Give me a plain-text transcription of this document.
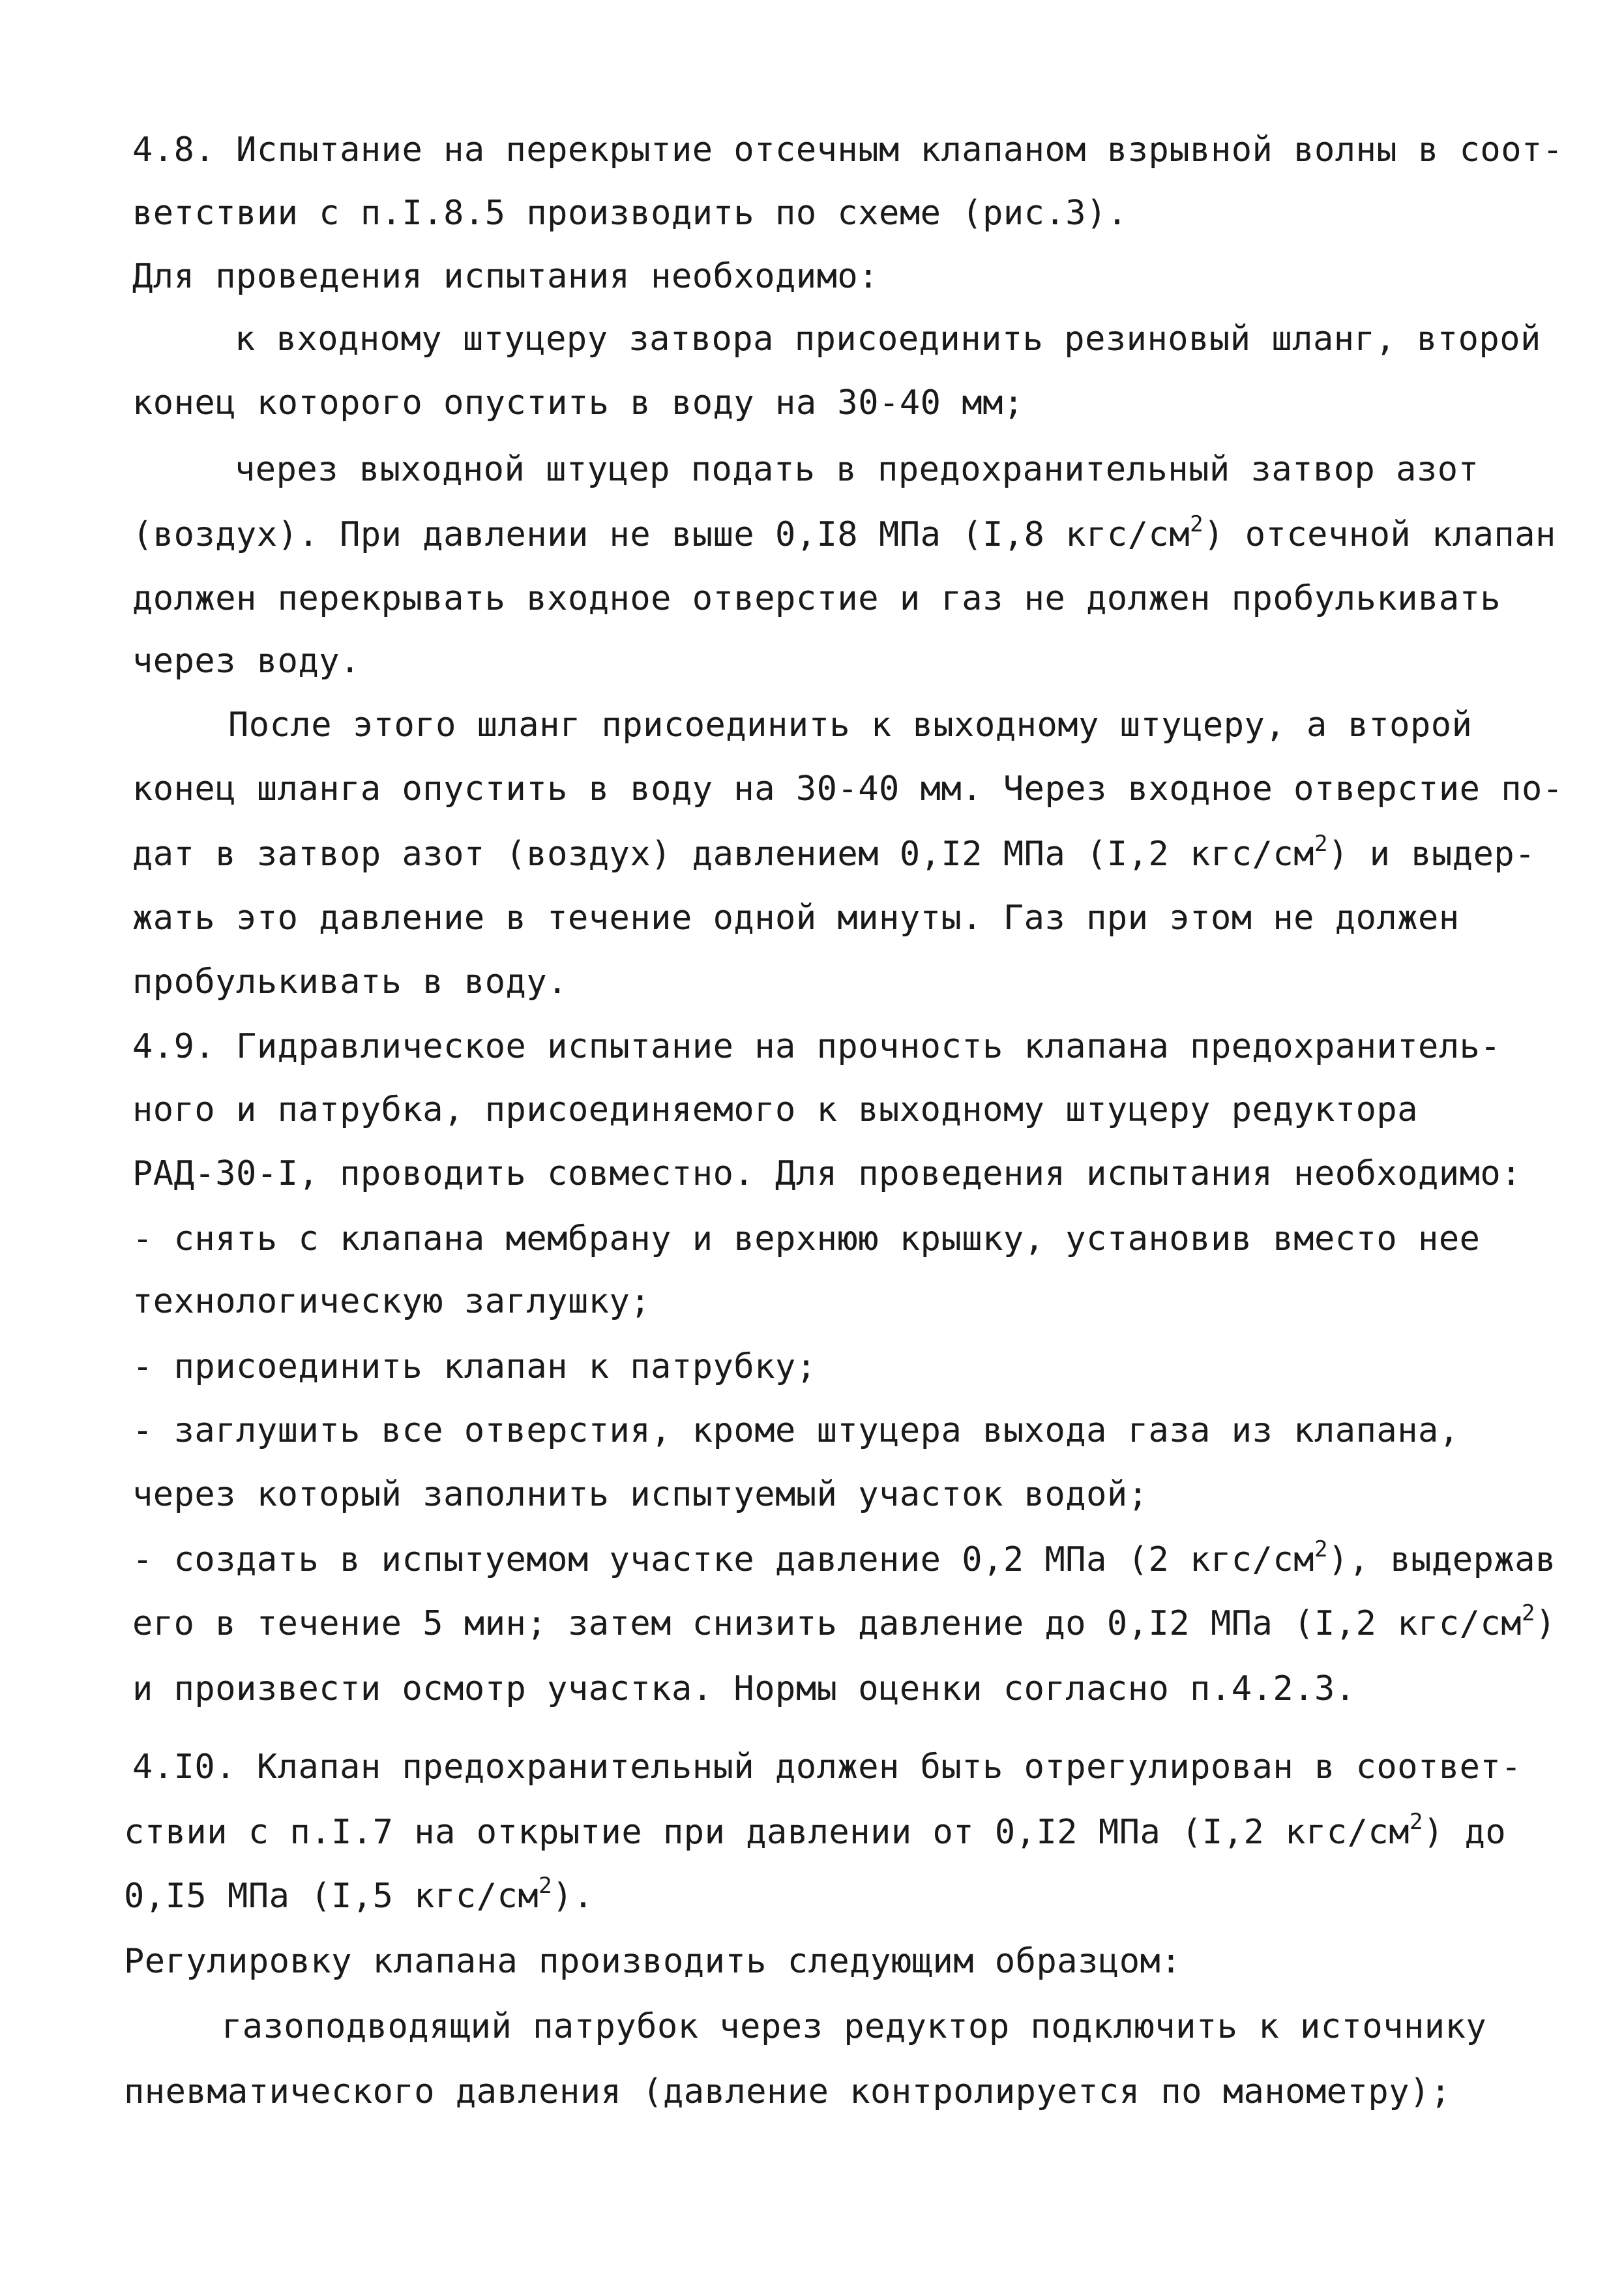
4.8. Испытание на перекрытие отсечным клапаном взрывной волны в соот-
ветствии с п.I.8.5 производить по схеме (рис.3).
Для проведения испытания необходимо:
к входному штуцеру затвора присоединить резиновый шланг, второй
конец которого опустить в воду на 30-40 мм;
через выходной штуцер подать в предохранительный затвор азот
(воздух). При давлении не выше 0,I8 МПа (I,8 кгс/$см^2$) отсечной клапан
должен перекрывать входное отверстие и газ не должен пробулькивать
через воду.
После этого шланг присоединить к выходному штуцеру, а второй
конец шланга опустить в воду на 30-40 мм. Через входное отверстие по-
дат в затвор азот (воздух) давлением 0,I2 МПа (I,2 кгс/$см^2$) и выдер-
жать это давление в течение одной минуты. Газ при этом не должен
пробулькивать в воду.
4.9. Гидравлическое испытание на прочность клапана предохранитель-
ного и патрубка, присоединяемого к выходному штуцеру редуктора
РАД-30-I, проводить совместно. Для проведения испытания необходимо:
- снять с клапана мембрану и верхнюю крышку, установив вместо нее
технологическую заглушку;
- присоединить клапан к патрубку;
- заглушить все отверстия, кроме штуцера выхода газа из клапана,
через который заполнить испытуемый участок водой;
- создать в испытуемом участке давление 0,2 МПа (2 кгс/$см^2$), выдержав
его в течение 5 мин; затем снизить давление до 0,I2 МПа (I,2 кгс/$см^2$)
и произвести осмотр участка. Нормы оценки согласно п.4.2.3.
4.I0. Клапан предохранительный должен быть отрегулирован в соответ-
ствии с п.I.7 на открытие при давлении от 0,I2 МПа (I,2 кгс/$см^2$) до
0,I5 МПа (I,5 кгс/$см^2$).
Регулировку клапана производить следующим образцом:
газоподводящий патрубок через редуктор подключить к источнику
пневматического давления (давление контролируется по манометру);
